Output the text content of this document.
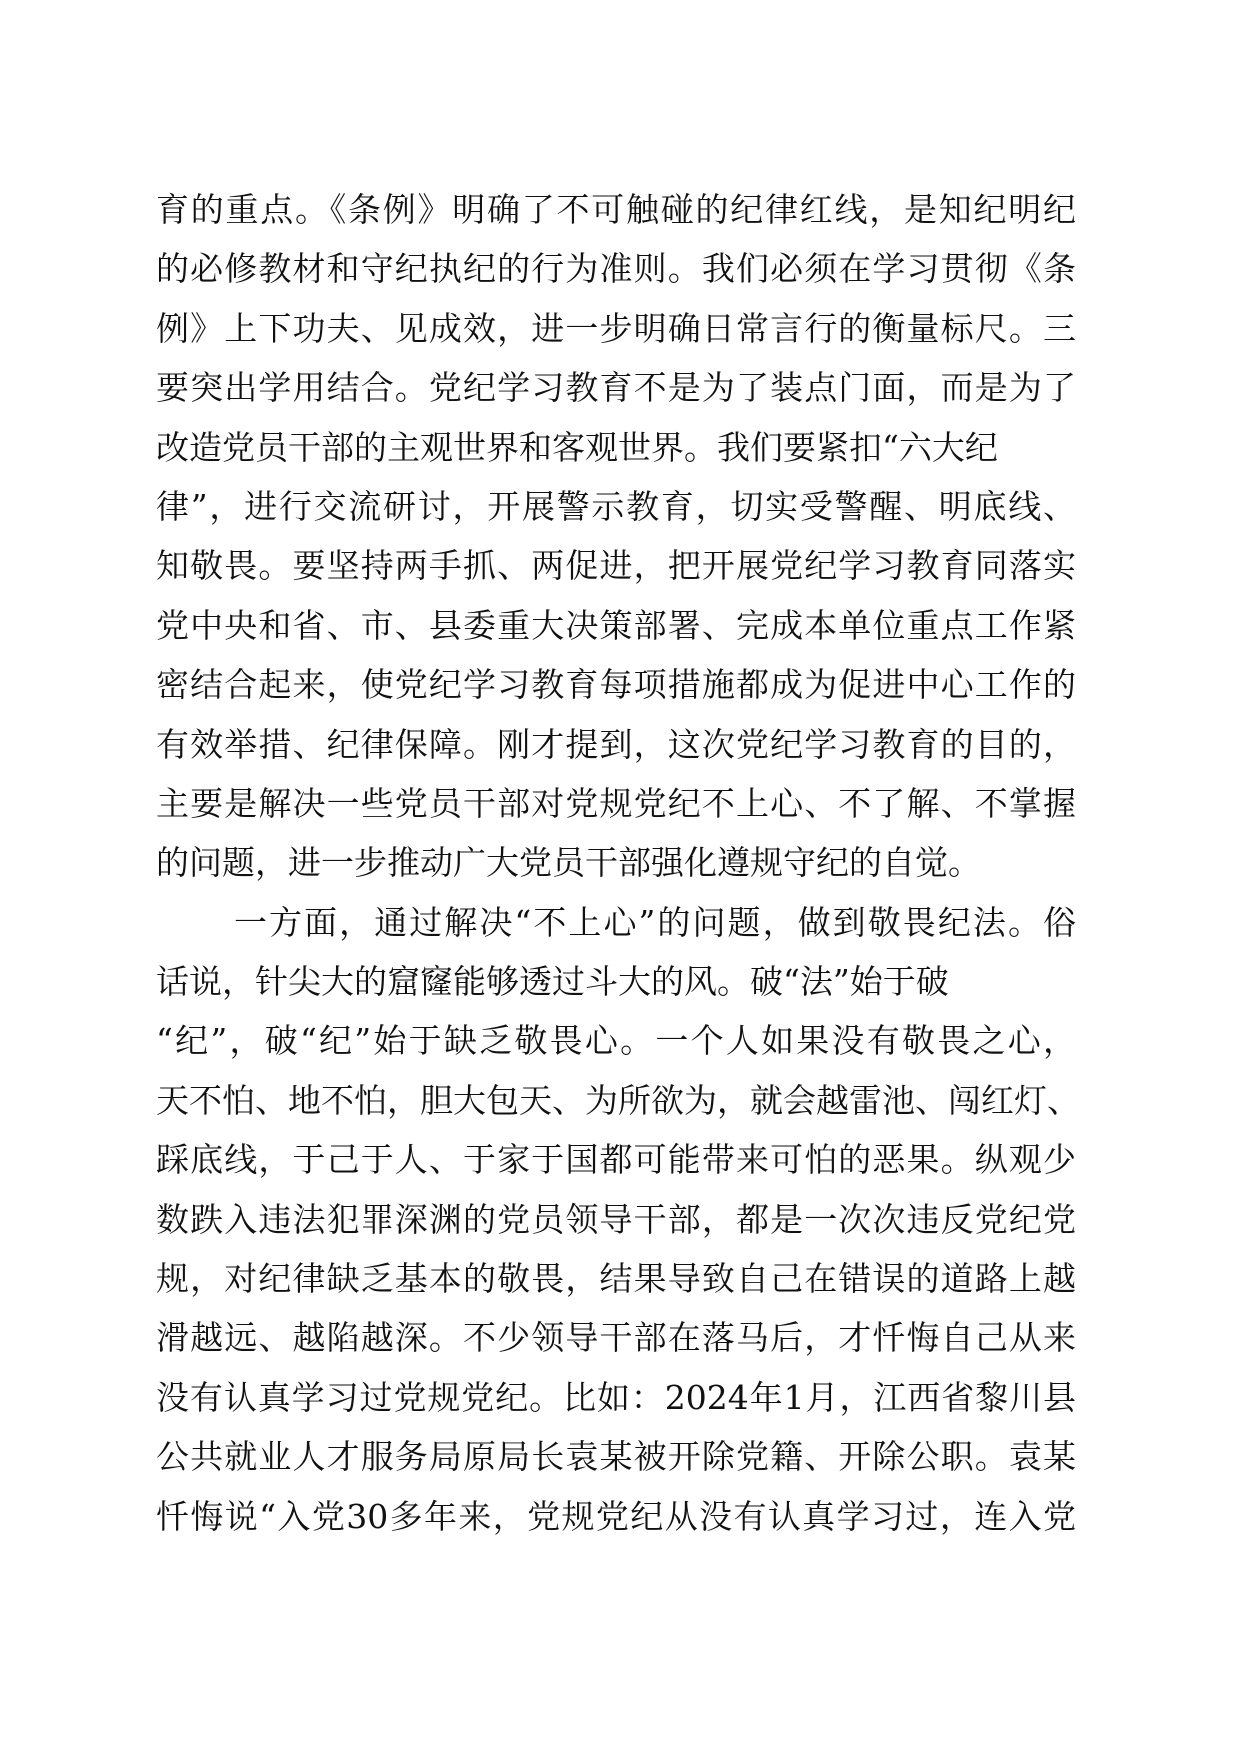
育的重点。《条例》明确了不可触碰的纪律红线，是知纪明纪
的必修教材和守纪执纪的行为准则。我们必须在学习贯彻《条
例》上下功夫、见成效，进一步明确日常言行的衡量标尺。三
要突出学用结合。党纪学习教育不是为了装点门面，而是为了
改造党员干部的主观世界和客观世界。我们要紧扣“六大纪
律”，进行交流研讨，开展警示教育，切实受警醒、明底线、
知敬畏。要坚持两手抓、两促进，把开展党纪学习教育同落实
党中央和省、市、县委重大决策部署、完成本单位重点工作紧
密结合起来，使党纪学习教育每项措施都成为促进中心工作的
有效举措、纪律保障。刚才提到，这次党纪学习教育的目的，
主要是解决一些党员干部对党规党纪不上心、不了解、不掌握
的问题，进一步推动广大党员干部强化遵规守纪的自觉。
一方面，通过解决“不上心”的问题，做到敬畏纪法。俗
话说，针尖大的窟窿能够透过斗大的风。破“法”始于破
“纪”，破“纪”始于缺乏敬畏心。一个人如果没有敬畏之心，
天不怕、地不怕，胆大包天、为所欲为，就会越雷池、闯红灯、
踩底线，于己于人、于家于国都可能带来可怕的恶果。纵观少
数跌入违法犯罪深渊的党员领导干部，都是一次次违反党纪党
规，对纪律缺乏基本的敬畏，结果导致自己在错误的道路上越
滑越远、越陷越深。不少领导干部在落马后，才忏悔自己从来
没有认真学习过党规党纪。比如：2024年1月，江西省黎川县
公共就业人才服务局原局长袁某被开除党籍、开除公职。袁某
忏悔说“入党30多年来，党规党纪从没有认真学习过，连入党
